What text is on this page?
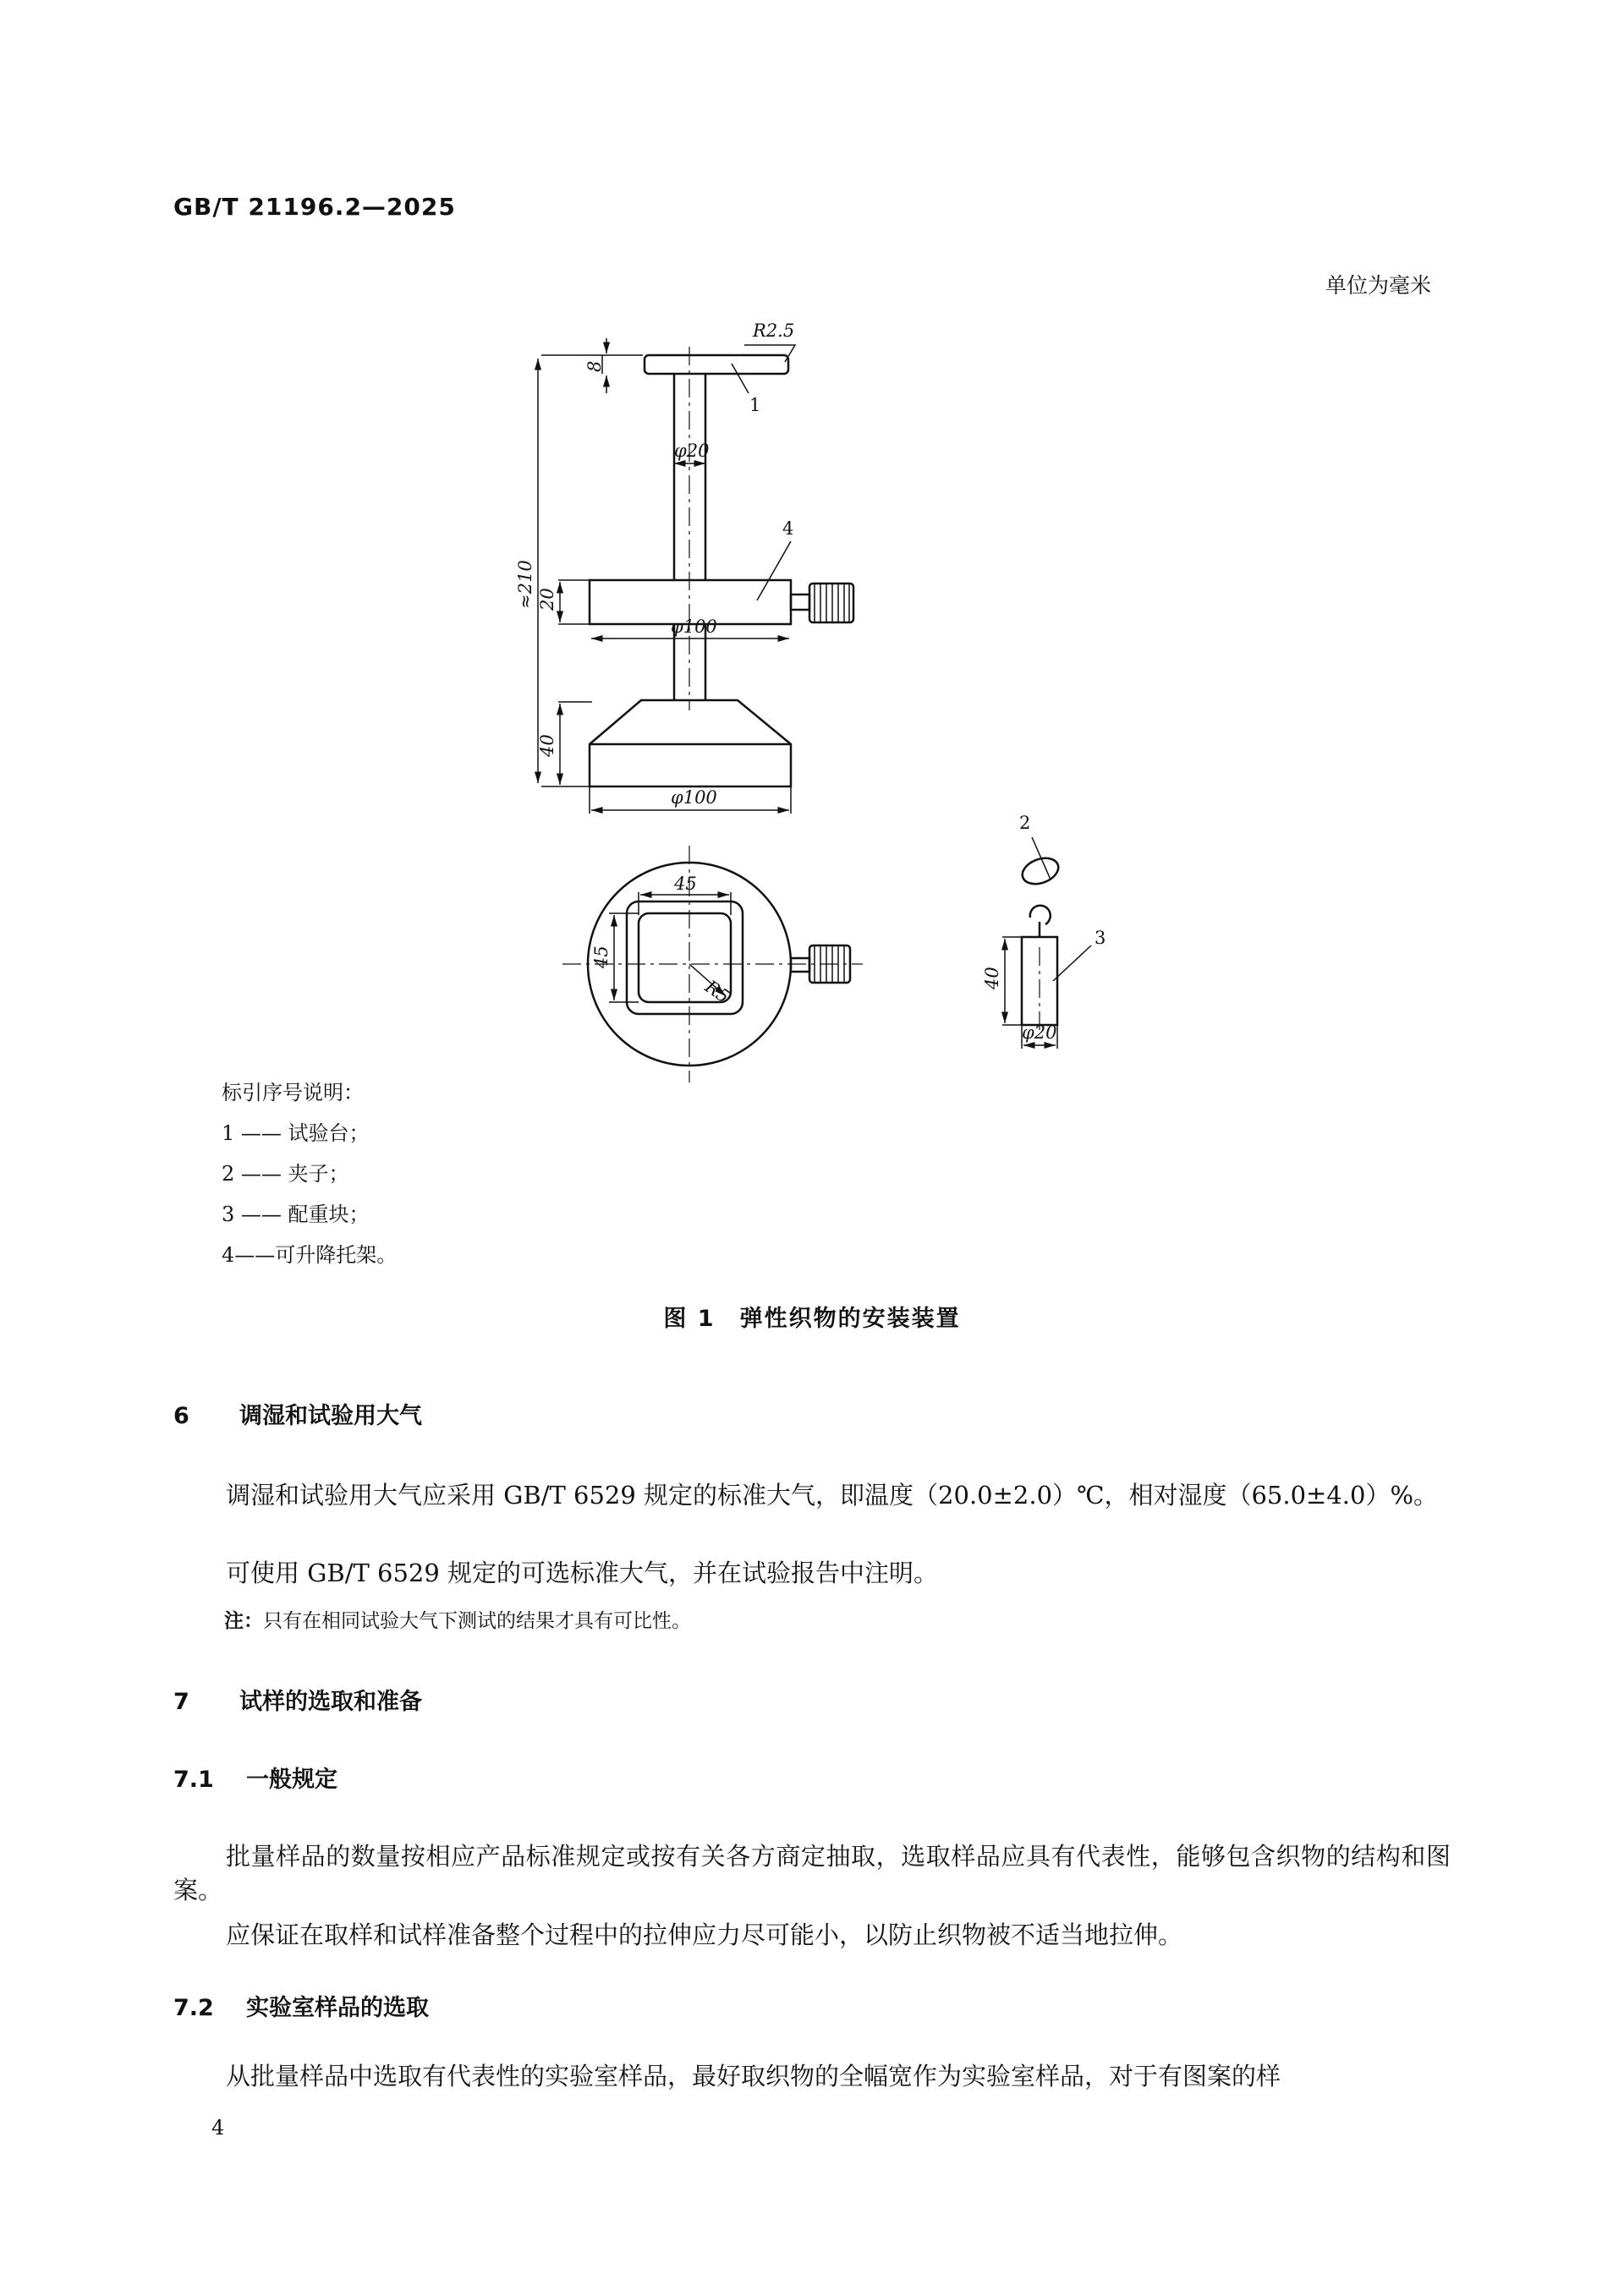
GB/T 21196.2—2025
单位为毫米
R2.5
8
φ20
≈210 20
φ100
40
φ100
45
45
R5	40
φ20
1
2
3
4
标引序号说明：
1 —— 试验台；
2 —— 夹子；
3 —— 配重块；
4——可升降托架。
图 1　弹性织物的安装装置
6 调湿和试验用大气
调湿和试验用大气应采用 GB/T 6529 规定的标准大气，即温度（20.0±2.0）℃，相对湿度（65.0±4.0）%。
可使用 GB/T 6529 规定的可选标准大气，并在试验报告中注明。
注：只有在相同试验大气下测试的结果才具有可比性。
7 试样的选取和准备
7.1 一般规定
批量样品的数量按相应产品标准规定或按有关各方商定抽取，选取样品应具有代表性，能够包含织物的结构和图案。
应保证在取样和试样准备整个过程中的拉伸应力尽可能小，以防止织物被不适当地拉伸。
7.2 实验室样品的选取
从批量样品中选取有代表性的实验室样品，最好取织物的全幅宽作为实验室样品，对于有图案的样
4
